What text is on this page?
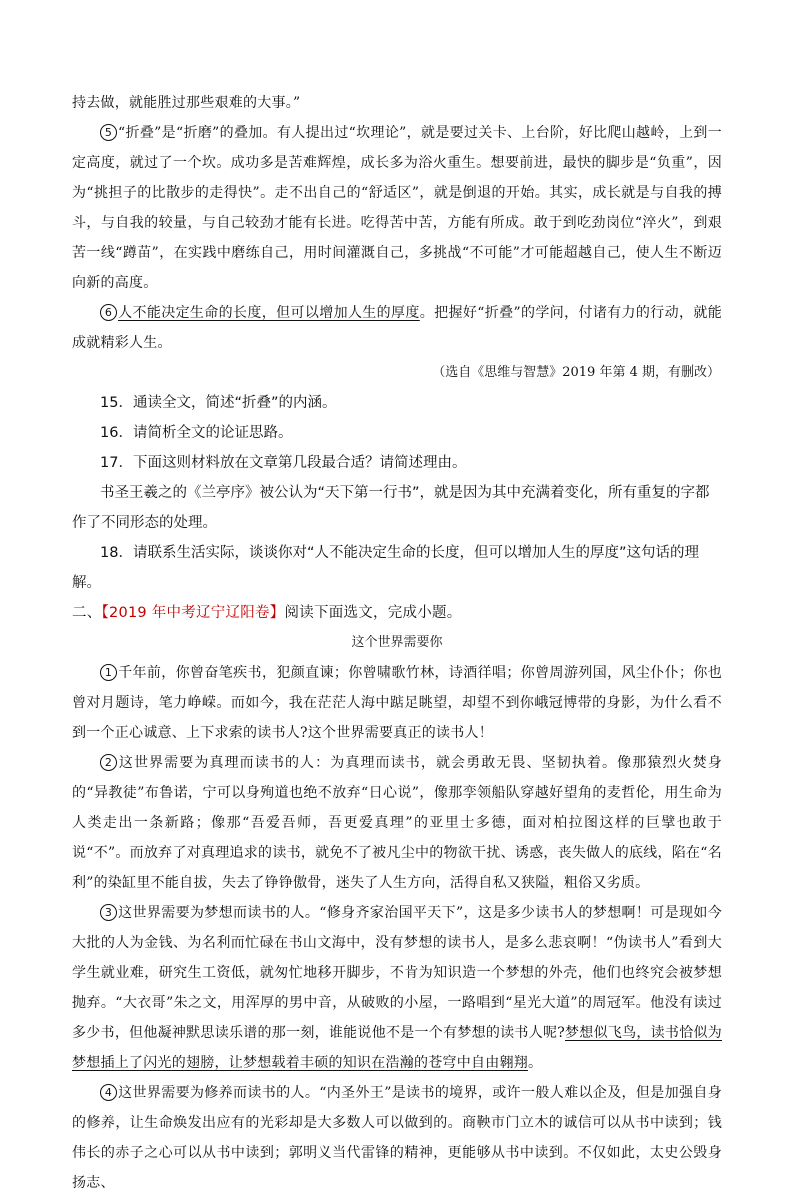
持去做，就能胜过那些艰难的大事。”

5 “折叠”是“折磨”的叠加。有人提出过“坎理论”，就是要过关卡、上台阶，好比爬山越岭，上到一定高度，就过了一个坎。成功多是苦难辉煌，成长多为浴火重生。想要前进，最快的脚步是“负重”，因为“挑担子的比散步的走得快”。走不出自己的“舒适区”，就是倒退的开始。其实，成长就是与自我的搏斗，与自我的较量，与自己较劲才能有长进。吃得苦中苦，方能有所成。敢于到吃劲岗位“淬火”，到艰苦一线“蹲苗”，在实践中磨练自己，用时间灌溉自己，多挑战“不可能”才可能超越自己，使人生不断迈向新的高度。

6 人不能决定生命的长度，但可以增加人生的厚度。把握好“折叠”的学问，付诸有力的行动，就能成就精彩人生。

（选自《思维与智慧》2019 年第 4 期，有删改）

15．通读全文，简述“折叠”的内涵。

16．请简析全文的论证思路。

17．下面这则材料放在文章第几段最合适？请简述理由。

书圣王羲之的《兰亭序》被公认为“天下第一行书”，就是因为其中充满着变化，所有重复的字都作了不同形态的处理。

18．请联系生活实际，谈谈你对“人不能决定生命的长度，但可以增加人生的厚度”这句话的理解。

二、【2019 年中考辽宁辽阳卷】阅读下面选文，完成小题。

这个世界需要你

1 千年前，你曾奋笔疾书，犯颜直谏；你曾啸歌竹林，诗酒徉唱；你曾周游列国，风尘仆仆；你也曾对月题诗，笔力峥嵘。而如今，我在茫茫人海中踮足眺望，却望不到你峨冠博带的身影，为什么看不到一个正心诚意、上下求索的读书人?这个世界需要真正的读书人！

2 这世界需要为真理而读书的人：为真理而读书，就会勇敢无畏、坚韧执着。像那猿烈火焚身的“异教徒”布鲁诺，宁可以身殉道也绝不放弃“日心说”，像那孪领船队穿越好望角的麦哲伦，用生命为人类走出一条新路；像那“吾爱吾师，吾更爱真理”的亚里士多德，面对柏拉图这样的巨擘也敢于说“不”。而放弃了对真理追求的读书，就免不了被凡尘中的物欲干扰、诱惑，丧失做人的底线，陷在“名利”的染缸里不能自拔，失去了铮铮傲骨，迷失了人生方向，活得自私又狭隘，粗俗又劣质。

3 这世界需要为梦想而读书的人。“修身齐家治国平天下”，这是多少读书人的梦想啊！可是现如今大批的人为金钱、为名利而忙碌在书山文海中，没有梦想的读书人，是多么悲哀啊！“伪读书人”看到大学生就业难，研究生工资低，就匆忙地移开脚步，不肯为知识造一个梦想的外壳，他们也终究会被梦想抛弃。“大衣哥”朱之文，用浑厚的男中音，从破败的小屋，一路唱到“星光大道”的周冠军。他没有读过多少书，但他凝神默思读乐谱的那一刻，谁能说他不是一个有梦想的读书人呢?梦想似飞鸟，读书恰似为梦想插上了闪光的翅膀，让梦想载着丰硕的知识在浩瀚的苍穹中自由翱翔。

4 这世界需要为修养而读书的人。“内圣外王”是读书的境界，或许一般人难以企及，但是加强自身的修养，让生命焕发出应有的光彩却是大多数人可以做到的。商鞅市门立木的诚信可以从书中读到；钱伟长的赤子之心可以从书中读到；郭明义当代雷锋的精神，更能够从书中读到。不仅如此，太史公毁身扬志、
